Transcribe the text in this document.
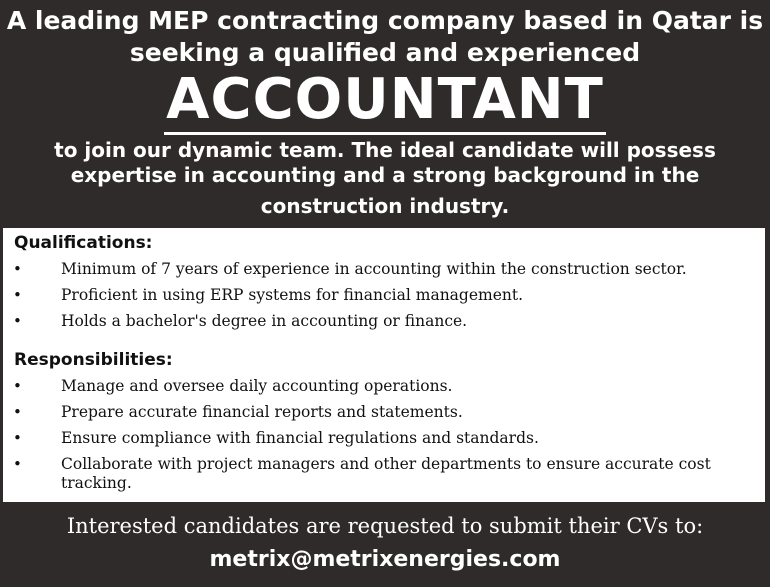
A leading MEP contracting company based in Qatar is
seeking a qualified and experienced
ACCOUNTANT
to join our dynamic team. The ideal candidate will possess
expertise in accounting and a strong background in the
construction industry.
Qualifications:
•	Minimum of 7 years of experience in accounting within the construction sector.
•	Proficient in using ERP systems for financial management.
•	Holds a bachelor's degree in accounting or finance.
Responsibilities:
•	Manage and oversee daily accounting operations.
•	Prepare accurate financial reports and statements.
•	Ensure compliance with financial regulations and standards.
•	Collaborate with project managers and other departments to ensure accurate cost tracking.
Interested candidates are requested to submit their CVs to:
metrix@metrixenergies.com
